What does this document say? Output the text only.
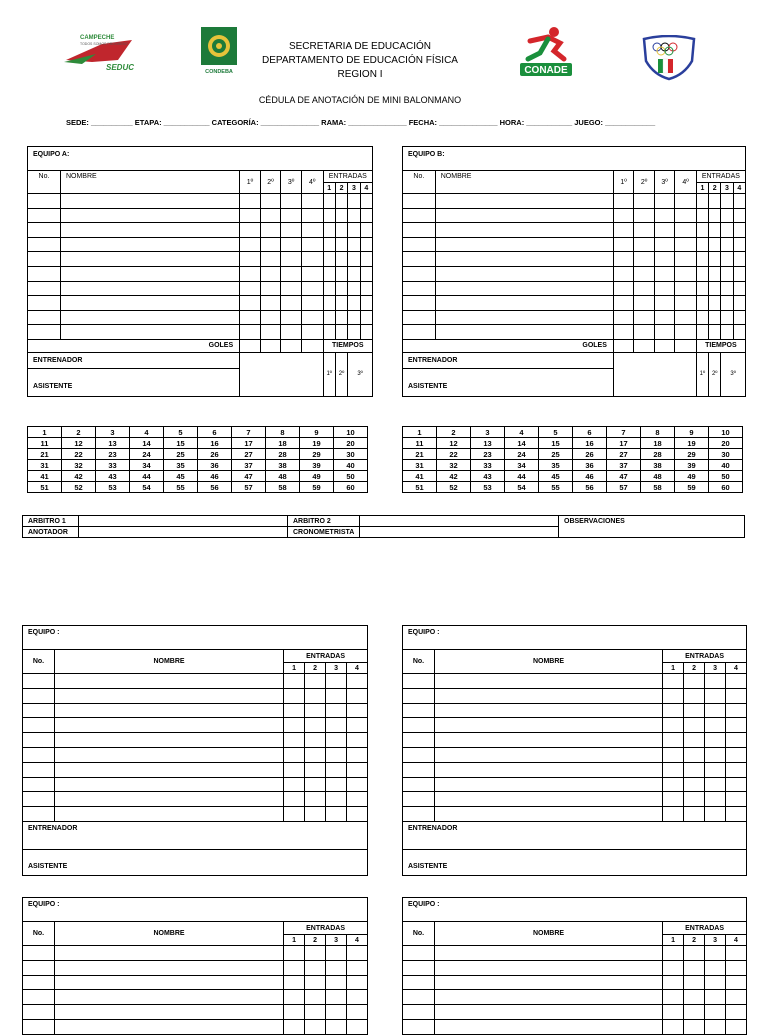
CAMPECHE
TODOS SOMOS PROGRESO
SEDUC	CONDEBA	CONADE
SECRETARIA DE EDUCACIÓN
DEPARTAMENTO DE EDUCACIÓN FÍSICA
REGION I
CÉDULA DE ANOTACIÓN DE MINI BALONMANO
SEDE: __________ ETAPA: ___________ CATEGORÍA: ______________ RAMA: ______________ FECHA: ______________ HORA: ___________ JUEGO: ____________
EQUIPO A:									
No.	NOMBRE	1º	2º	3º	4º	ENTRADAS			
						1	2	3	4

GOLES						TIEMPOS			
ENTRENADOR						1º	2º	3º	
ASISTENTE									
EQUIPO B:									
No.	NOMBRE	1º	2º	3º	4º	ENTRADAS			
						1	2	3	4

GOLES						TIEMPOS			
ENTRENADOR						1º	2º	3º	
ASISTENTE									
1	2	3	4	5	6	7	8	9	10
11	12	13	14	15	16	17	18	19	20
21	22	23	24	25	26	27	28	29	30
31	32	33	34	35	36	37	38	39	40
41	42	43	44	45	46	47	48	49	50
51	52	53	54	55	56	57	58	59	60
1	2	3	4	5	6	7	8	9	10
11	12	13	14	15	16	17	18	19	20
21	22	23	24	25	26	27	28	29	30
31	32	33	34	35	36	37	38	39	40
41	42	43	44	45	46	47	48	49	50
51	52	53	54	55	56	57	58	59	60
ARBITRO 1		ARBITRO 2		OBSERVACIONES
ANOTADOR		CRONOMETRISTA		
EQUIPO :					
No.	NOMBRE	ENTRADAS			
		1	2	3	4

ENTRENADOR					

ASISTENTE					
EQUIPO :					
No.	NOMBRE	ENTRADAS			
		1	2	3	4

ENTRENADOR					

ASISTENTE					
EQUIPO :					
No.	NOMBRE	ENTRADAS			
		1	2	3	4

EQUIPO :					
No.	NOMBRE	ENTRADAS			
		1	2	3	4
